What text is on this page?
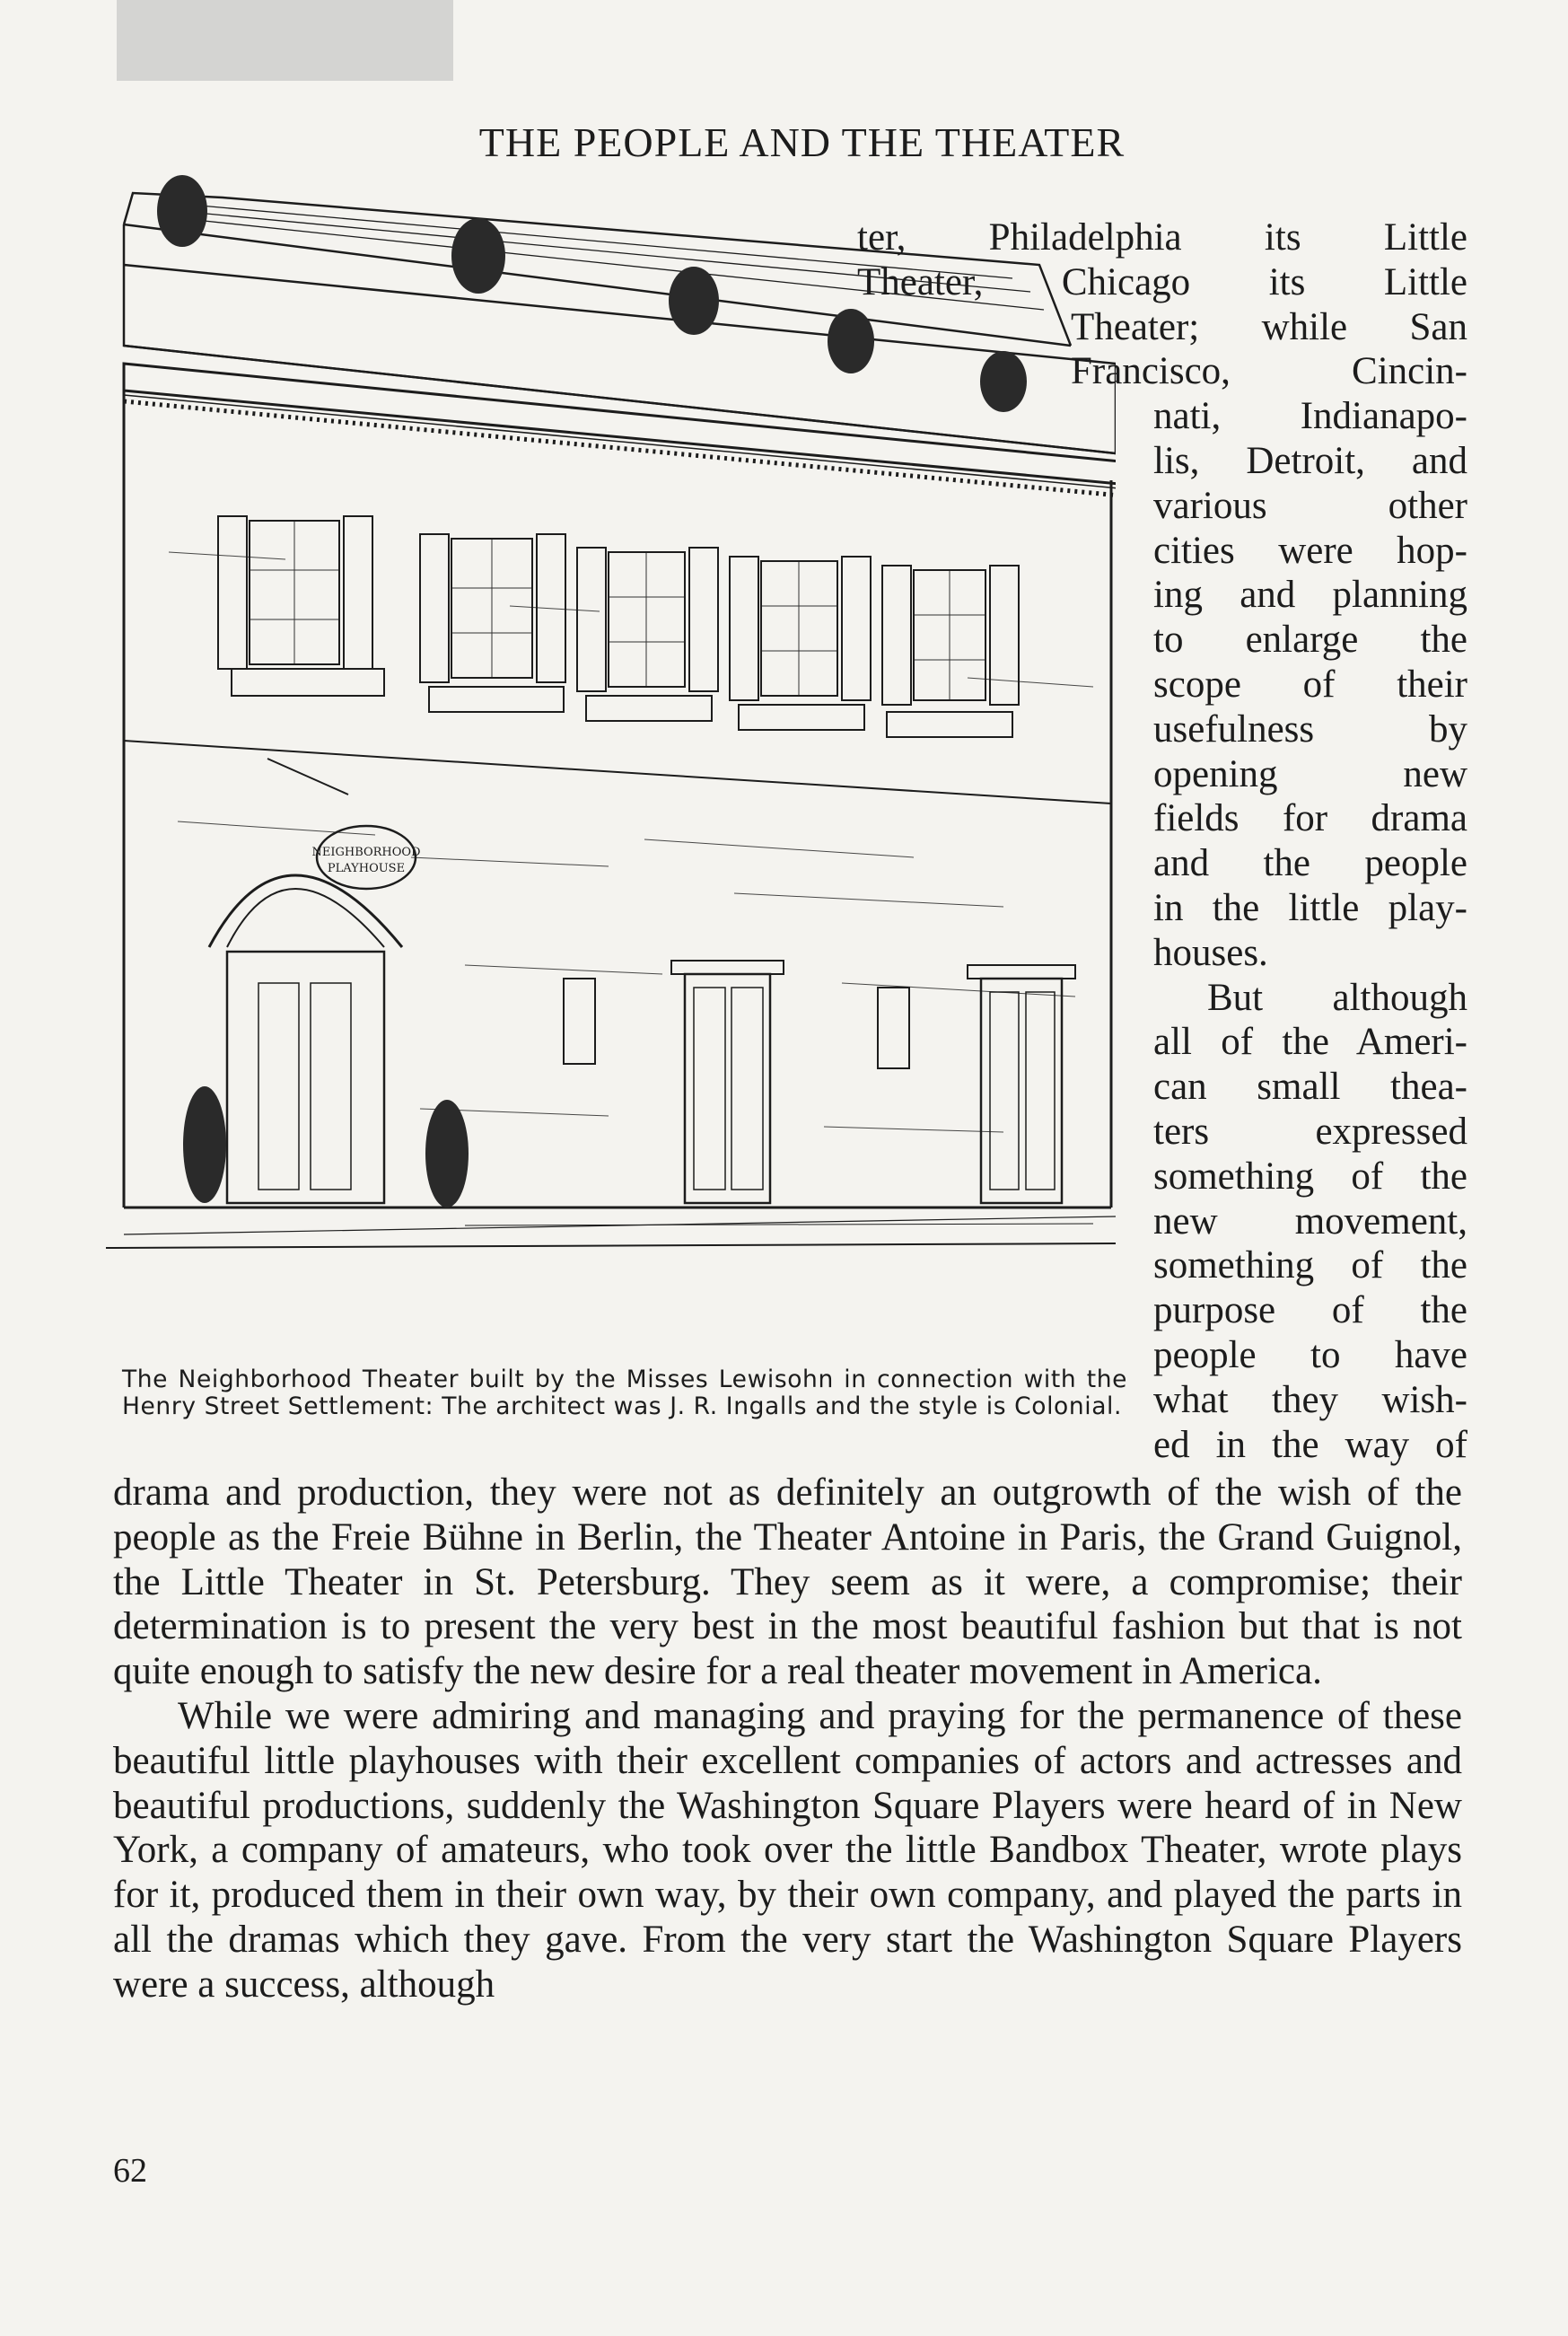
THE PEOPLE AND THE THEATER
NEIGHBORHOOD
PLAYHOUSE

The Neighborhood Theater built by the Misses Lewisohn in connection with the Henry Street Settlement: The architect was J. R. Ingalls and the style is Colonial.

ter, Philadelphia its Little
Theater, Chicago its Little
Theater; while San
Francisco, Cincin-
nati, Indianapo-
lis, Detroit, and
various other
cities were hop-
ing and planning
to enlarge the
scope of their
usefulness by
opening new
fields for drama
and the people
in the little play-
houses.
But although
all of the Ameri-
can small thea-
ters expressed
something of the
new movement,
something of the
purpose of the
people to have
what they wish-
ed in the way of

drama and production, they were not as definitely an outgrowth of the wish of the people as the Freie Bühne in Berlin, the Theater Antoine in Paris, the Grand Guignol, the Little Theater in St. Petersburg. They seem as it were, a compromise; their determination is to present the very best in the most beautiful fashion but that is not quite enough to satisfy the new desire for a real theater movement in America.

While we were admiring and managing and praying for the permanence of these beautiful little playhouses with their excellent companies of actors and actresses and beautiful productions, suddenly the Washington Square Players were heard of in New York, a company of amateurs, who took over the little Bandbox Theater, wrote plays for it, produced them in their own way, by their own company, and played the parts in all the dramas which they gave. From the very start the Washington Square Players were a success, although

62
